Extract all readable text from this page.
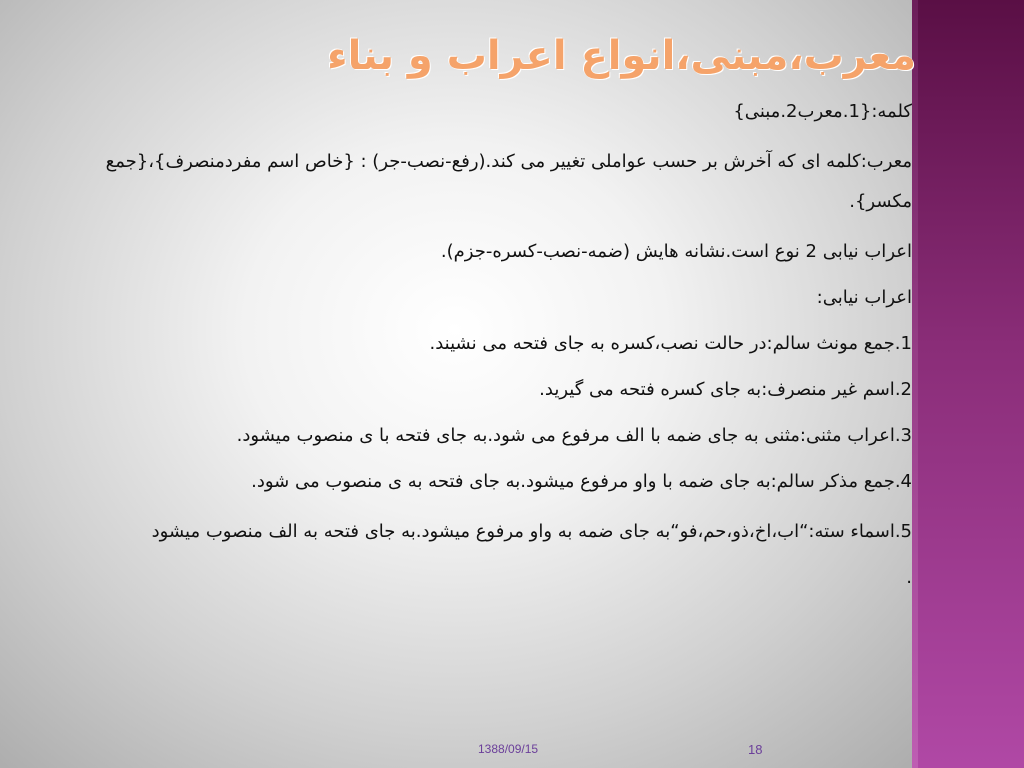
معرب،مبنی،انواع اعراب و بناء

کلمه:{1.معرب2.مبنی}

معرب:کلمه ای که آخرش بر حسب عواملی تغییر می کند.(رفع-نصب-جر) : {خاص اسم مفردمنصرف}،{جمع مکسر}.

اعراب نیابی 2 نوع است.نشانه هایش (ضمه-نصب-کسره-جزم).

اعراب نیابی:

1.جمع مونث سالم:در حالت نصب،کسره به جای فتحه می نشیند.

2.اسم غیر منصرف:به جای کسره فتحه می گیرید.

3.اعراب مثنی:مثنی به جای ضمه با الف مرفوع می شود.به جای فتحه با ی منصوب میشود.

4.جمع مذکر سالم:به جای ضمه با واو مرفوع میشود.به جای فتحه به ی منصوب می شود.

5.اسماء سته:“اب،اخ،ذو،حم،فو“به جای ضمه به واو مرفوع میشود.به جای فتحه به الف منصوب میشود

.

1388/09/15	18
